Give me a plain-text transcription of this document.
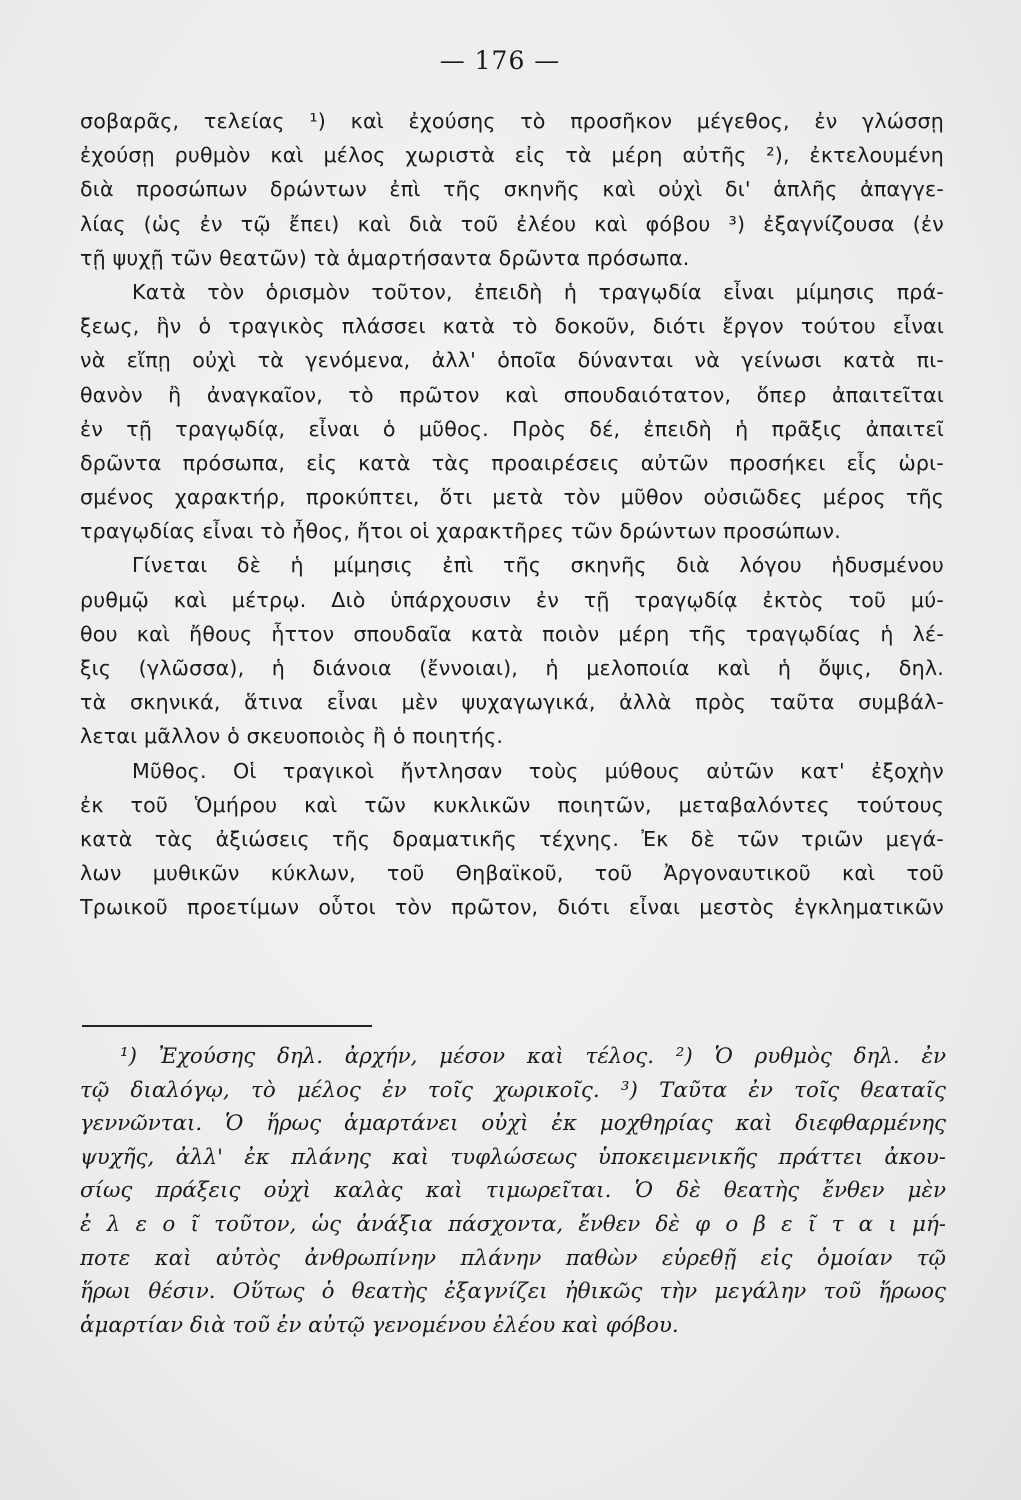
— 176 —
σοβαρᾶς, τελείας ¹) καὶ ἐχούσης τὸ προσῆκον μέγεθος, ἐν γλώσσῃ
ἐχούσῃ ρυθμὸν καὶ μέλος χωριστὰ εἰς τὰ μέρη αὐτῆς ²), ἐκτελουμένη
διὰ προσώπων δρώντων ἐπὶ τῆς σκηνῆς καὶ οὐχὶ δι' ἁπλῆς ἀπαγγε-
λίας (ὡς ἐν τῷ ἔπει) καὶ διὰ τοῦ ἐλέου καὶ φόβου ³) ἐξαγνίζουσα (ἐν
τῇ ψυχῇ τῶν θεατῶν) τὰ ἁμαρτήσαντα δρῶντα πρόσωπα.
Κατὰ τὸν ὁρισμὸν τοῦτον, ἐπειδὴ ἡ τραγῳδία εἶναι μίμησις πρά-
ξεως, ἣν ὁ τραγικὸς πλάσσει κατὰ τὸ δοκοῦν, διότι ἔργον τούτου εἶναι
νὰ εἴπῃ οὐχὶ τὰ γενόμενα, ἀλλ' ὁποῖα δύνανται νὰ γείνωσι κατὰ πι-
θανὸν ἢ ἀναγκαῖον, τὸ πρῶτον καὶ σπουδαιότατον, ὅπερ ἀπαιτεῖται
ἐν τῇ τραγῳδίᾳ, εἶναι ὁ μῦθος. Πρὸς δέ, ἐπειδὴ ἡ πρᾶξις ἀπαιτεῖ
δρῶντα πρόσωπα, εἰς κατὰ τὰς προαιρέσεις αὐτῶν προσήκει εἷς ὡρι-
σμένος χαρακτήρ, προκύπτει, ὅτι μετὰ τὸν μῦθον οὐσιῶδες μέρος τῆς
τραγῳδίας εἶναι τὸ ἦθος, ἤτοι οἱ χαρακτῆρες τῶν δρώντων προσώπων.
Γίνεται δὲ ἡ μίμησις ἐπὶ τῆς σκηνῆς διὰ λόγου ἡδυσμένου
ρυθμῷ καὶ μέτρῳ. Διὸ ὑπάρχουσιν ἐν τῇ τραγῳδίᾳ ἐκτὸς τοῦ μύ-
θου καὶ ἤθους ἧττον σπουδαῖα κατὰ ποιὸν μέρη τῆς τραγῳδίας ἡ λέ-
ξις (γλῶσσα), ἡ διάνοια (ἔννοιαι), ἡ μελοποιία καὶ ἡ ὄψις, δηλ.
τὰ σκηνικά, ἅτινα εἶναι μὲν ψυχαγωγικά, ἀλλὰ πρὸς ταῦτα συμβάλ-
λεται μᾶλλον ὁ σκευοποιὸς ἢ ὁ ποιητής.
Μῦθος. Οἱ τραγικοὶ ἤντλησαν τοὺς μύθους αὐτῶν κατ' ἐξοχὴν
ἐκ τοῦ Ὁμήρου καὶ τῶν κυκλικῶν ποιητῶν, μεταβαλόντες τούτους
κατὰ τὰς ἀξιώσεις τῆς δραματικῆς τέχνης. Ἐκ δὲ τῶν τριῶν μεγά-
λων μυθικῶν κύκλων, τοῦ Θηβαϊκοῦ, τοῦ Ἀργοναυτικοῦ καὶ τοῦ
Τρωικοῦ προετίμων οὗτοι τὸν πρῶτον, διότι εἶναι μεστὸς ἐγκληματικῶν
¹) Ἐχούσης δηλ. ἀρχήν, μέσον καὶ τέλος. ²) Ὁ ρυθμὸς δηλ. ἐν
τῷ διαλόγῳ, τὸ μέλος ἐν τοῖς χωρικοῖς. ³) Ταῦτα ἐν τοῖς θεαταῖς
γεννῶνται. Ὁ ἥρως ἁμαρτάνει οὐχὶ ἐκ μοχθηρίας καὶ διεφθαρμένης
ψυχῆς, ἀλλ' ἐκ πλάνης καὶ τυφλώσεως ὑποκειμενικῆς πράττει ἀκου-
σίως πράξεις οὐχὶ καλὰς καὶ τιμωρεῖται. Ὁ δὲ θεατὴς ἔνθεν μὲν
ἐ λ ε ο ῖ τοῦτον, ὡς ἀνάξια πάσχοντα, ἔνθεν δὲ φ ο β ε ῖ τ α ι μή-
ποτε καὶ αὐτὸς ἀνθρωπίνην πλάνην παθὼν εὑρεθῇ εἰς ὁμοίαν τῷ
ἥρωι θέσιν. Οὕτως ὁ θεατὴς ἐξαγνίζει ἠθικῶς τὴν μεγάλην τοῦ ἥρωος
ἁμαρτίαν διὰ τοῦ ἐν αὐτῷ γενομένου ἐλέου καὶ φόβου.
